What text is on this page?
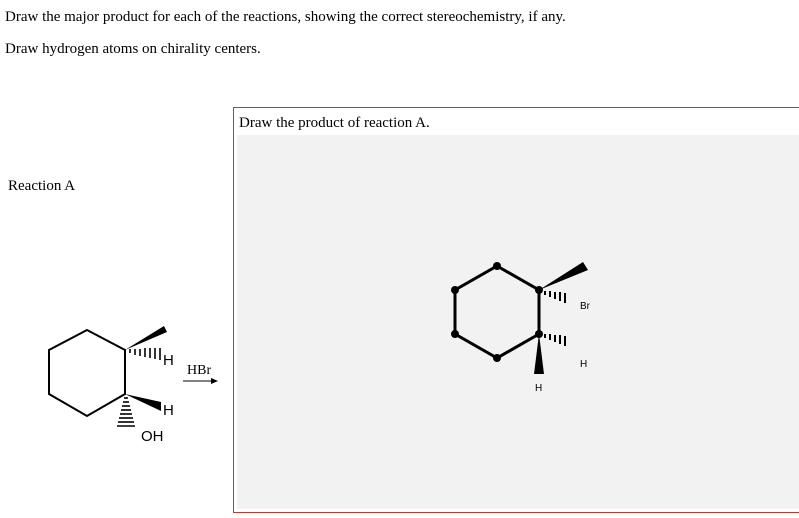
Draw the major product for each of the reactions, showing the correct stereochemistry, if any.
Draw hydrogen atoms on chirality centers.
Reaction A
H
H
OH
HBr
Draw the product of reaction A.
Br
H
H
